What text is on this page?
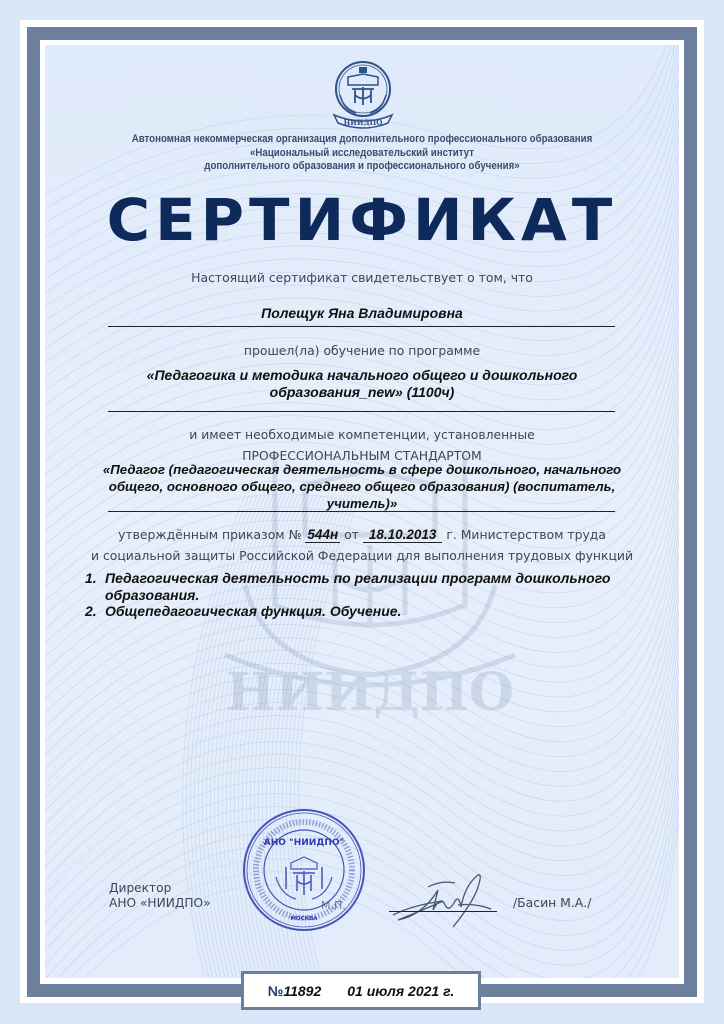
НИИДПО
НИИДПО
Автономная некоммерческая организация дополнительного профессионального образования
«Национальный исследовательский институт
дополнительного образования и профессионального обучения»
СЕРТИФИКАТ
Настоящий сертификат свидетельствует о том, что
Полещук Яна Владимировна
прошел(ла) обучение по программе
«Педагогика и методика начального общего и дошкольного
образования_new» (1100ч)
и имеет необходимые компетенции, установленные
ПРОФЕССИОНАЛЬНЫМ СТАНДАРТОМ
«Педагог (педагогическая деятельность в сфере дошкольного, начального
общего, основного общего, среднего общего образования) (воспитатель,
учитель)»
утверждённым приказом № 544н от 18.10.2013 г. Министерством труда
и социальной защиты Российской Федерации для выполнения трудовых функций
1. Педагогическая деятельность по реализации программ дошкольного
образования.
2. Общепедагогическая функция. Обучение.
Директор
АНО «НИИДПО»	М.П.
АНО "НИИДПО"
МОСКВА
/Басин М.А./
№11892 01 июля 2021 г.
